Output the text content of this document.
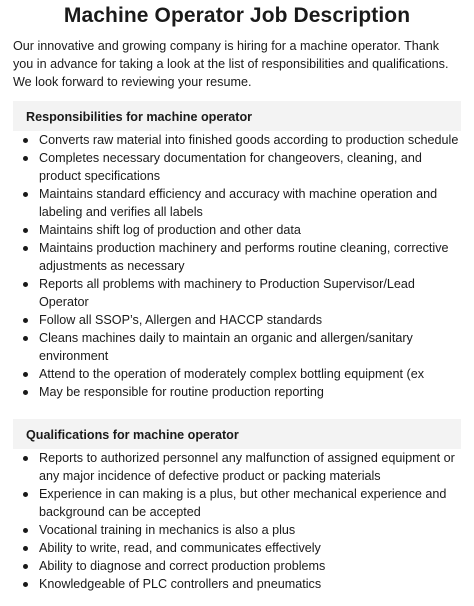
Machine Operator Job Description

Our innovative and growing company is hiring for a machine operator. Thank you in advance for taking a look at the list of responsibilities and qualifications. We look forward to reviewing your resume.

Responsibilities for machine operator
Converts raw material into finished goods according to production schedule
Completes necessary documentation for changeovers, cleaning, and product specifications
Maintains standard efficiency and accuracy with machine operation and labeling and verifies all labels
Maintains shift log of production and other data
Maintains production machinery and performs routine cleaning, corrective adjustments as necessary
Reports all problems with machinery to Production Supervisor/Lead Operator
Follow all SSOP’s, Allergen and HACCP standards
Cleans machines daily to maintain an organic and allergen/sanitary environment
Attend to the operation of moderately complex bottling equipment (ex
May be responsible for routine production reporting
Qualifications for machine operator
Reports to authorized personnel any malfunction of assigned equipment or any major incidence of defective product or packing materials
Experience in can making is a plus, but other mechanical experience and background can be accepted
Vocational training in mechanics is also a plus
Ability to write, read, and communicates effectively
Ability to diagnose and correct production problems
Knowledgeable of PLC controllers and pneumatics
